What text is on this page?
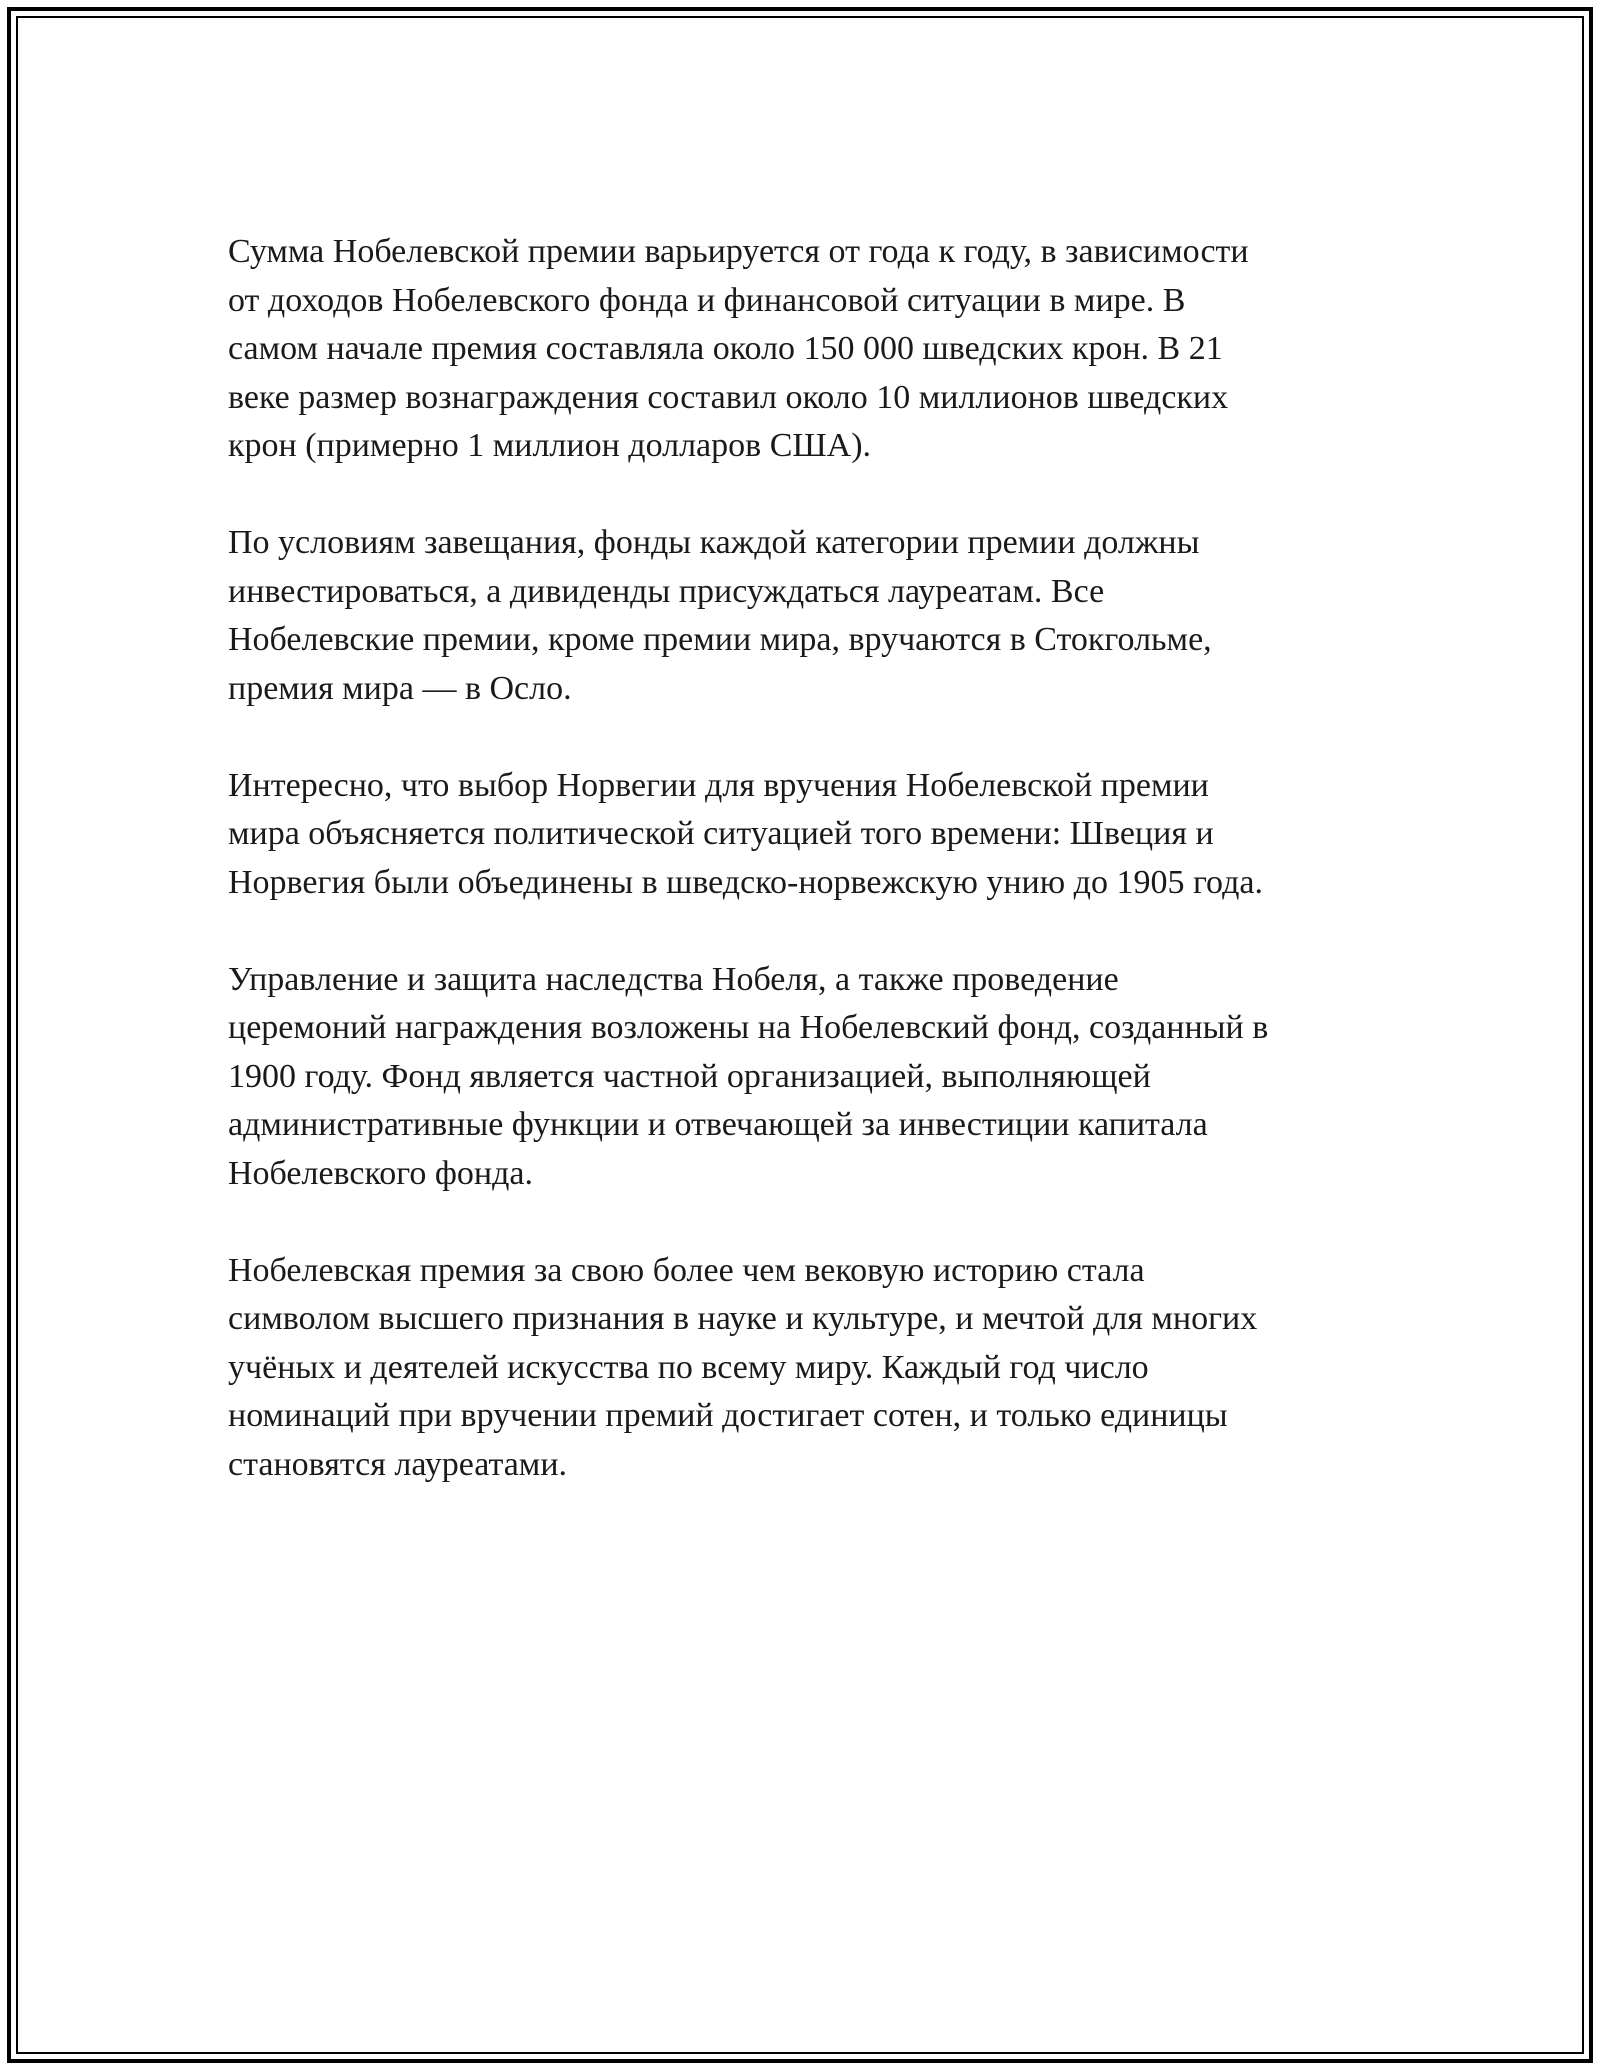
Сумма Нобелевской премии варьируется от года к году, в зависимости
от доходов Нобелевского фонда и финансовой ситуации в мире. В
самом начале премия составляла около 150 000 шведских крон. В 21
веке размер вознаграждения составил около 10 миллионов шведских
крон (примерно 1 миллион долларов США).

По условиям завещания, фонды каждой категории премии должны
инвестироваться, а дивиденды присуждаться лауреатам. Все
Нобелевские премии, кроме премии мира, вручаются в Стокгольме,
премия мира — в Осло.

Интересно, что выбор Норвегии для вручения Нобелевской премии
мира объясняется политической ситуацией того времени: Швеция и
Норвегия были объединены в шведско-норвежскую унию до 1905 года.

Управление и защита наследства Нобеля, а также проведение
церемоний награждения возложены на Нобелевский фонд, созданный в
1900 году. Фонд является частной организацией, выполняющей
административные функции и отвечающей за инвестиции капитала
Нобелевского фонда.

Нобелевская премия за свою более чем вековую историю стала
символом высшего признания в науке и культуре, и мечтой для многих
учёных и деятелей искусства по всему миру. Каждый год число
номинаций при вручении премий достигает сотен, и только единицы
становятся лауреатами.
